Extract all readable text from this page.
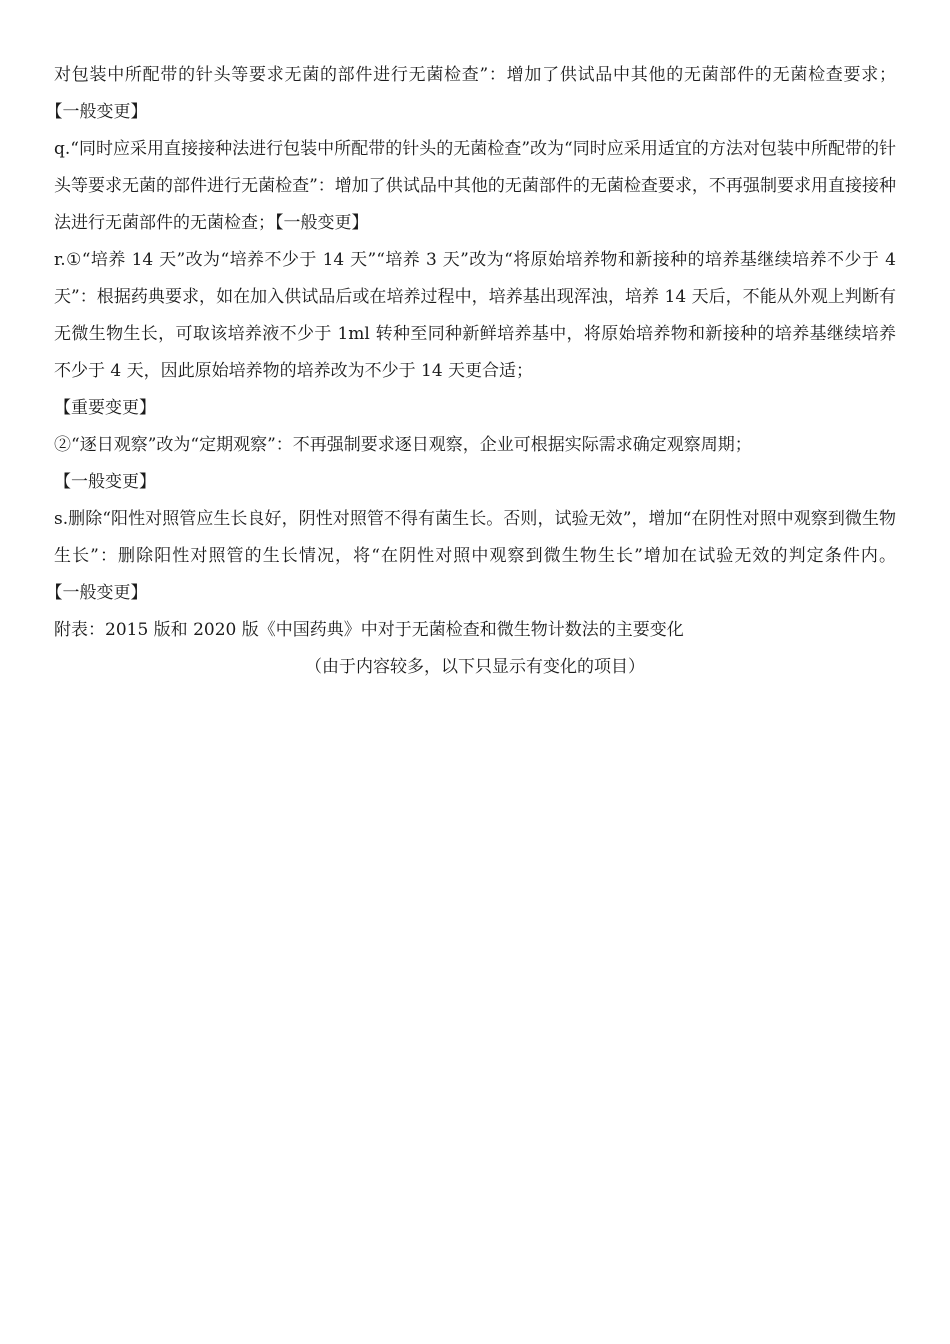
对包装中所配带的针头等要求无菌的部件进行无菌检查”：增加了供试品中其他的无菌部件的无菌检查要求；【一般变更】

q.“同时应采用直接接种法进行包装中所配带的针头的无菌检查”改为“同时应采用适宜的方法对包装中所配带的针头等要求无菌的部件进行无菌检查”：增加了供试品中其他的无菌部件的无菌检查要求，不再强制要求用直接接种法进行无菌部件的无菌检查；【一般变更】

r.①“培养 14 天”改为“培养不少于 14 天”“培养 3 天”改为“将原始培养物和新接种的培养基继续培养不少于 4 天”：根据药典要求，如在加入供试品后或在培养过程中，培养基出现浑浊，培养 14 天后，不能从外观上判断有无微生物生长，可取该培养液不少于 1ml 转种至同种新鲜培养基中，将原始培养物和新接种的培养基继续培养不少于 4 天，因此原始培养物的培养改为不少于 14 天更合适；
【重要变更】

②“逐日观察”改为“定期观察”：不再强制要求逐日观察，企业可根据实际需求确定观察周期；
【一般变更】

s.删除“阳性对照管应生长良好，阴性对照管不得有菌生长。否则，试验无效”，增加“在阴性对照中观察到微生物生长”：删除阳性对照管的生长情况，将“在阴性对照中观察到微生物生长”增加在试验无效的判定条件内。【一般变更】

附表：2015 版和 2020 版《中国药典》中对于无菌检查和微生物计数法的主要变化

（由于内容较多，以下只显示有变化的项目）
